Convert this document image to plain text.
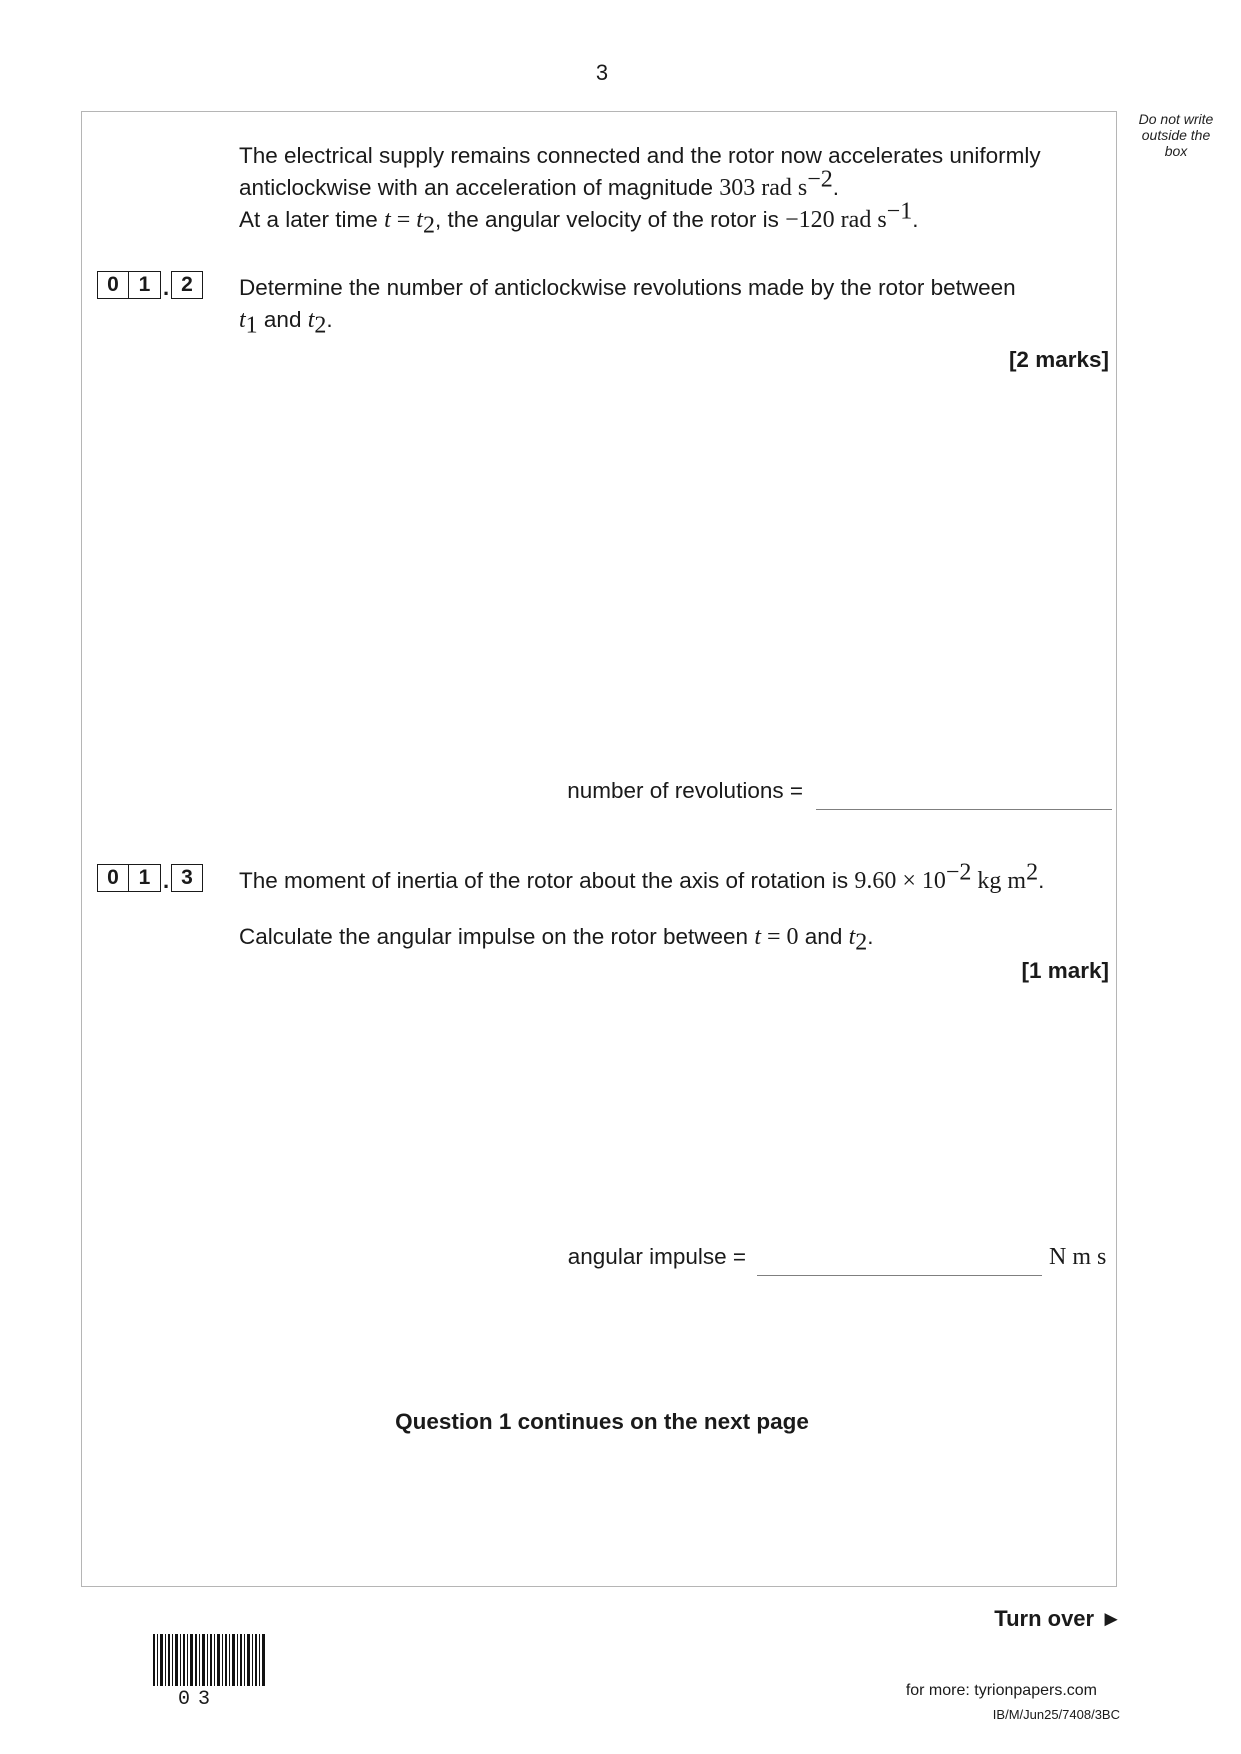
3
Do not write outside the box
The electrical supply remains connected and the rotor now accelerates uniformly
anticlockwise with an acceleration of magnitude 303 rad $s^{-2}$.
At a later time $t = t_2$, the angular velocity of the rotor is −120 rad $s^{-1}$.
0 1 . 2	Determine the number of anticlockwise revolutions made by the rotor between
$t_1$ and $t_2$.
[2 marks]
number of revolutions =
0 1 . 3	The moment of inertia of the rotor about the axis of rotation is $9.60 \times 10^{-2}$ kg $m^2$.
Calculate the angular impulse on the rotor between t = 0 and $t_2$.
[1 mark]
angular impulse =	N m s
Question 1 continues on the next page
Turn over ►
03	for more: tyrionpapers.com
IB/M/Jun25/7408/3BC
